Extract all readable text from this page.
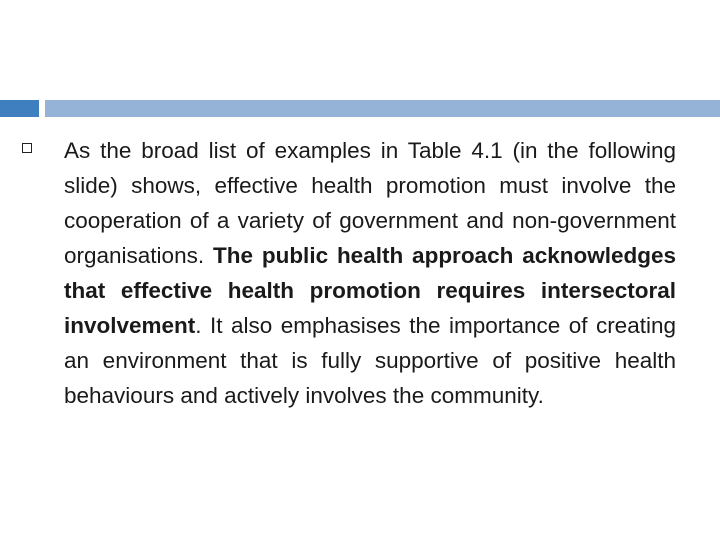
As the broad list of examples in Table 4.1 (in the following slide) shows, effective health promotion must involve the cooperation of a variety of government and non-government organisations. The public health approach acknowledges that effective health promotion requires intersectoral involvement. It also emphasises the importance of creating an environment that is fully supportive of positive health behaviours and actively involves the community.
